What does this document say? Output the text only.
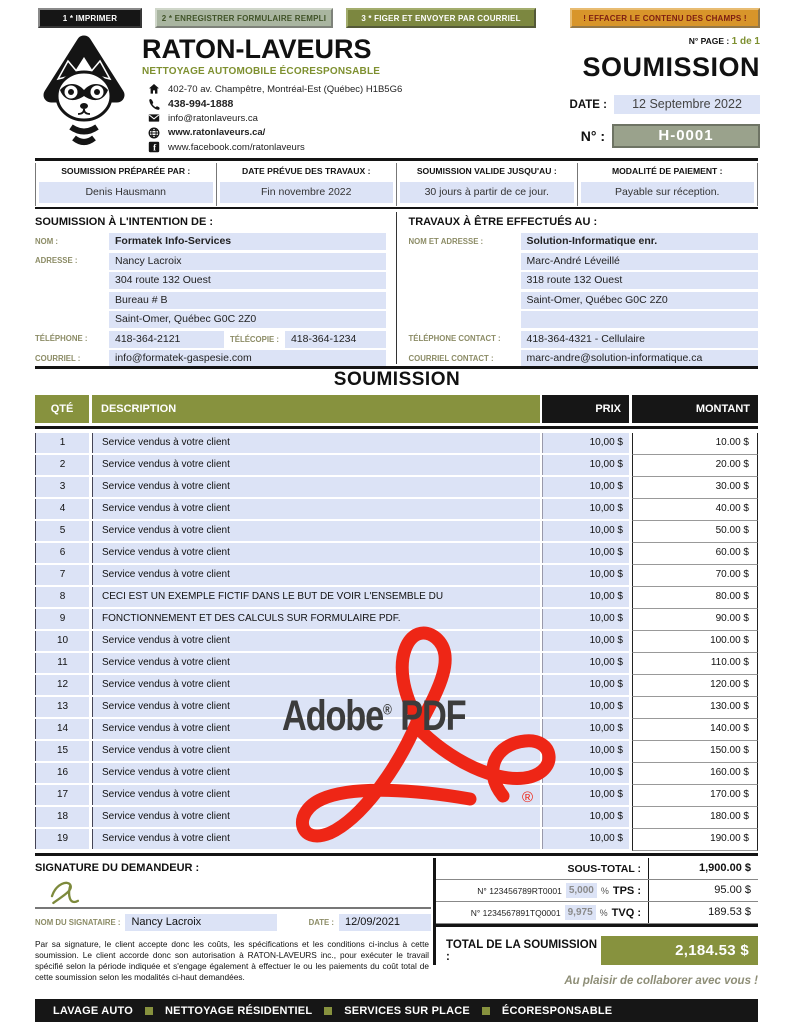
1 * IMPRIMER	2 * ENREGISTRER FORMULAIRE REMPLI	3 * FIGER ET ENVOYER PAR COURRIEL	! EFFACER LE CONTENU DES CHAMPS !
RATON-LAVEURS
NETTOYAGE AUTOMOBILE ÉCORESPONSABLE
402-70 av. Champêtre, Montréal-Est (Québec) H1B5G6
438-994-1888
info@ratonlaveurs.ca
www.ratonlaveurs.ca/
f www.facebook.com/ratonlaveurs
N° PAGE : 1 de 1
SOUMISSION
DATE :	12 Septembre 2022
N° :	H-0001
SOUMISSION PRÉPARÉE PAR :
Denis Hausmann
DATE PRÉVUE DES TRAVAUX :
Fin novembre 2022
SOUMISSION VALIDE JUSQU'AU :
30 jours à partir de ce jour.
MODALITÉ DE PAIEMENT :
Payable sur réception.
SOUMISSION À L'INTENTION DE :
NOM :	Formatek Info-Services
ADRESSE :	Nancy Lacroix
304 route 132 Ouest
Bureau # B
Saint-Omer, Québec G0C 2Z0
TÉLÉPHONE :	418-364-2121	TÉLÉCOPIE :	418-364-1234
COURRIEL :	info@formatek-gaspesie.com
TRAVAUX À ÊTRE EFFECTUÉS AU :
NOM ET ADRESSE :	Solution-Informatique enr.
Marc-André Léveillé
318 route 132 Ouest
Saint-Omer, Québec G0C 2Z0
TÉLÉPHONE CONTACT :	418-364-4321 - Cellulaire
COURRIEL CONTACT :	marc-andre@solution-informatique.ca
SOUMISSION
QTÉ	DESCRIPTION	PRIX	MONTANT
1	Service vendus à votre client	10,00 $	10.00 $
2	Service vendus à votre client	10,00 $	20.00 $
3	Service vendus à votre client	10,00 $	30.00 $
4	Service vendus à votre client	10,00 $	40.00 $
5	Service vendus à votre client	10,00 $	50.00 $
6	Service vendus à votre client	10,00 $	60.00 $
7	Service vendus à votre client	10,00 $	70.00 $
8	CECI EST UN EXEMPLE FICTIF DANS LE BUT DE VOIR L'ENSEMBLE DU	10,00 $	80.00 $
9	FONCTIONNEMENT ET DES CALCULS SUR FORMULAIRE PDF.	10,00 $	90.00 $
10	Service vendus à votre client	10,00 $	100.00 $
11	Service vendus à votre client	10,00 $	110.00 $
12	Service vendus à votre client	10,00 $	120.00 $
13	Service vendus à votre client	10,00 $	130.00 $
14	Service vendus à votre client	10,00 $	140.00 $
15	Service vendus à votre client	10,00 $	150.00 $
16	Service vendus à votre client	10,00 $	160.00 $
17	Service vendus à votre client	10,00 $	170.00 $
18	Service vendus à votre client	10,00 $	180.00 $
19	Service vendus à votre client	10,00 $	190.00 $
®
Adobe® PDF
SIGNATURE DU DEMANDEUR :
NOM DU SIGNATAIRE :	Nancy Lacroix	DATE :	12/09/2021
Par sa signature, le client accepte donc les coûts, les spécifications et les conditions ci-inclus à cette soumission. Le client accorde donc son autorisation à RATON-LAVEURS inc., pour exécuter le travail spécifié selon la période indiquée et s'engage également à effectuer le ou les paiements du coût total de cette soumission selon les modalités ci-haut demandées.
SOUS-TOTAL :	1,900.00 $
N° 123456789RT0001 5,000 % TPS :	95.00 $
N° 1234567891TQ0001 9,975 % TVQ :	189.53 $
TOTAL DE LA SOUMISSION :	2,184.53 $
Au plaisir de collaborer avec vous !
LAVAGE AUTO	NETTOYAGE RÉSIDENTIEL	SERVICES SUR PLACE	ÉCORESPONSABLE
